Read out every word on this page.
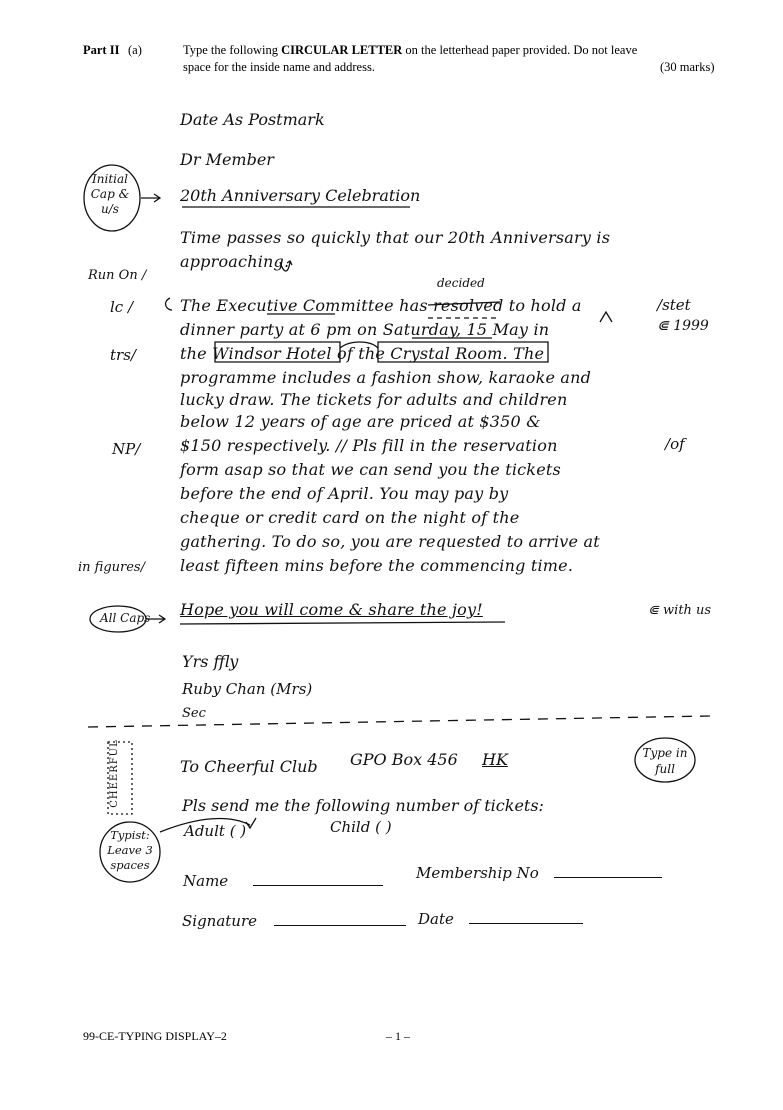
Part II (a)	Type the following CIRCULAR LETTER on the letterhead paper provided. Do not leave
space for the inside name and address.	(30 marks)
Date As Postmark
Dr Member
20th Anniversary Celebration
Time passes so quickly that our 20th Anniversary is
approaching.
decided
The Executive Committee has resolved to hold a
dinner party at 6 pm on Saturday, 15 May in
the Windsor Hotel of the Crystal Room. The
programme includes a fashion show, karaoke and
lucky draw. The tickets for adults and children
below 12 years of age are priced at $350 &
$150 respectively. // Pls fill in the reservation
form asap so that we can send you the tickets
before the end of April. You may pay by
cheque or credit card on the night of the
gathering. To do so, you are requested to arrive at
least fifteen mins before the commencing time.
Hope you will come & share the joy!	⋐ with us
Yrs ffly
Ruby Chan (Mrs)
Sec
Initial Cap & u/s
Run On /
lc /
trs/
NP/
in figures/
All Caps
/stet
⋐ 1999
/of
CHEERFUL	To Cheerful Club GPO Box 456 HK	Type in full
Pls send me the following number of tickets:
Adult ( )	Child ( )
Typist: Leave 3 spaces
Name	Membership No
Signature	Date
99-CE-TYPING DISPLAY–2	– 1 –
